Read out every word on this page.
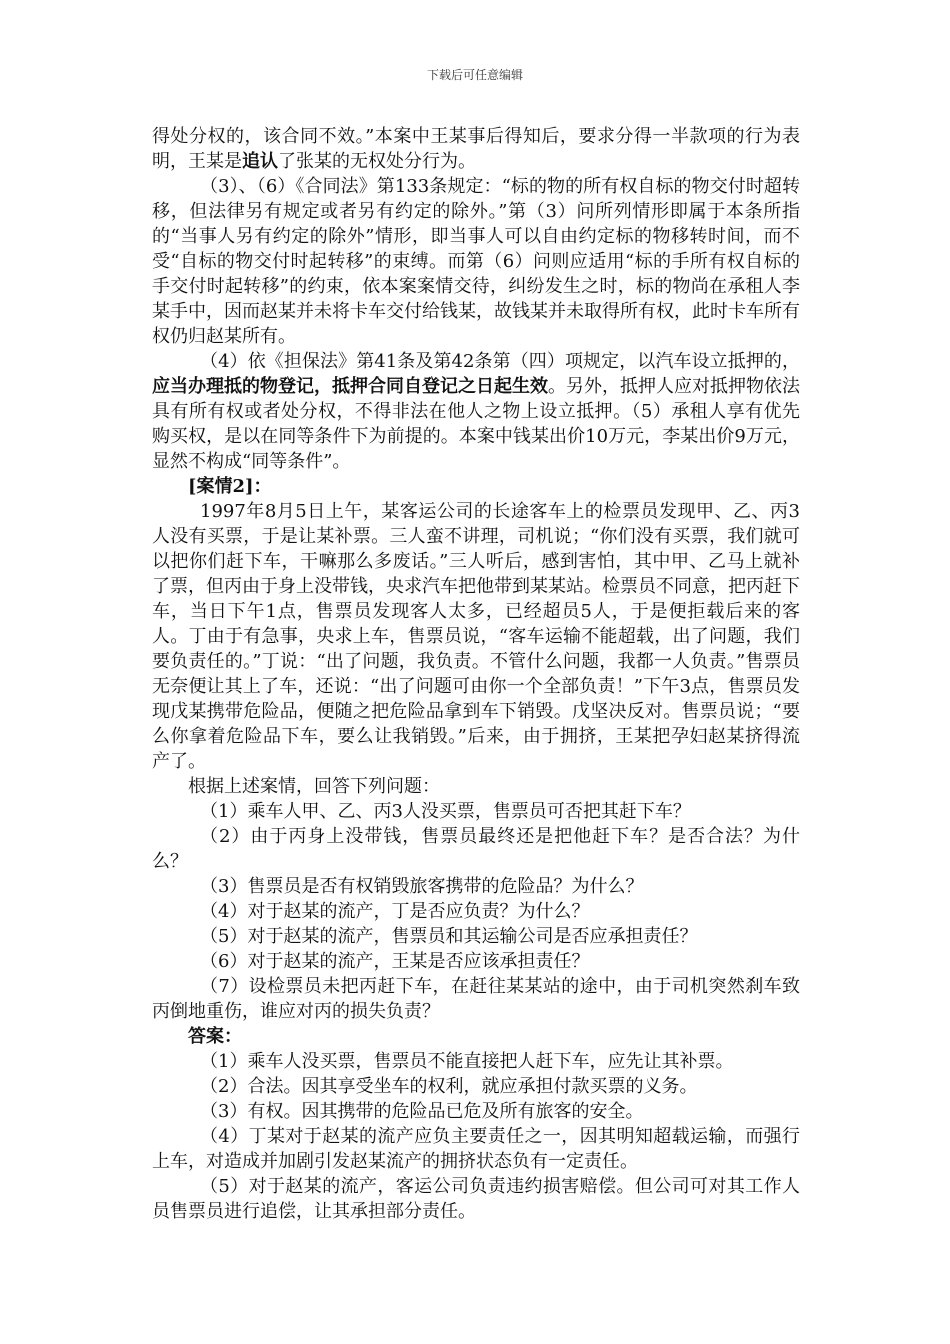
下载后可任意编辑

得处分权的，该合同不效。”本案中王某事后得知后，要求分得一半款项的行为表明，王某是追认了张某的无权处分行为。

（3）、（6）《合同法》第133条规定：“标的物的所有权自标的物交付时超转移，但法律另有规定或者另有约定的除外。”第（3）问所列情形即属于本条所指的“当事人另有约定的除外”情形，即当事人可以自由约定标的物移转时间，而不受“自标的物交付时起转移”的束缚。而第（6）问则应适用“标的手所有权自标的手交付时起转移”的约束，依本案案情交待，纠纷发生之时，标的物尚在承租人李某手中，因而赵某并未将卡车交付给钱某，故钱某并未取得所有权，此时卡车所有权仍归赵某所有。

（4）依《担保法》第41条及第42条第（四）项规定，以汽车设立抵押的，应当办理抵的物登记，抵押合同自登记之日起生效。另外，抵押人应对抵押物依法具有所有权或者处分权，不得非法在他人之物上设立抵押。（5）承租人享有优先购买权，是以在同等条件下为前提的。本案中钱某出价10万元，李某出价9万元，显然不构成“同等条件”。

[案情2]：

1997年8月5日上午，某客运公司的长途客车上的检票员发现甲、乙、丙3人没有买票，于是让某补票。三人蛮不讲理，司机说；“你们没有买票，我们就可以把你们赶下车，干嘛那么多废话。”三人听后，感到害怕，其中甲、乙马上就补了票，但丙由于身上没带钱，央求汽车把他带到某某站。检票员不同意，把丙赶下车，当日下午1点，售票员发现客人太多，已经超员5人，于是便拒载后来的客人。丁由于有急事，央求上车，售票员说，“客车运输不能超载，出了问题，我们要负责任的。”丁说：“出了问题，我负责。不管什么问题，我都一人负责。”售票员无奈便让其上了车，还说：“出了问题可由你一个全部负责！”下午3点，售票员发现戊某携带危险品，便随之把危险品拿到车下销毁。戊坚决反对。售票员说；“要么你拿着危险品下车，要么让我销毁。”后来，由于拥挤，王某把孕妇赵某挤得流产了。

根据上述案情，回答下列问题：

（1）乘车人甲、乙、丙3人没买票，售票员可否把其赶下车？

（2）由于丙身上没带钱，售票员最终还是把他赶下车？是否合法？为什么？

（3）售票员是否有权销毁旅客携带的危险品？为什么？

（4）对于赵某的流产，丁是否应负责？为什么？

（5）对于赵某的流产，售票员和其运输公司是否应承担责任？

（6）对于赵某的流产，王某是否应该承担责任？

（7）设检票员未把丙赶下车，在赶往某某站的途中，由于司机突然刹车致丙倒地重伤，谁应对丙的损失负责？

答案：

（1）乘车人没买票，售票员不能直接把人赶下车，应先让其补票。

（2）合法。因其享受坐车的权利，就应承担付款买票的义务。

（3）有权。因其携带的危险品已危及所有旅客的安全。

（4）丁某对于赵某的流产应负主要责任之一，因其明知超载运输，而强行上车，对造成并加剧引发赵某流产的拥挤状态负有一定责任。

（5）对于赵某的流产，客运公司负责违约损害赔偿。但公司可对其工作人员售票员进行追偿，让其承担部分责任。
